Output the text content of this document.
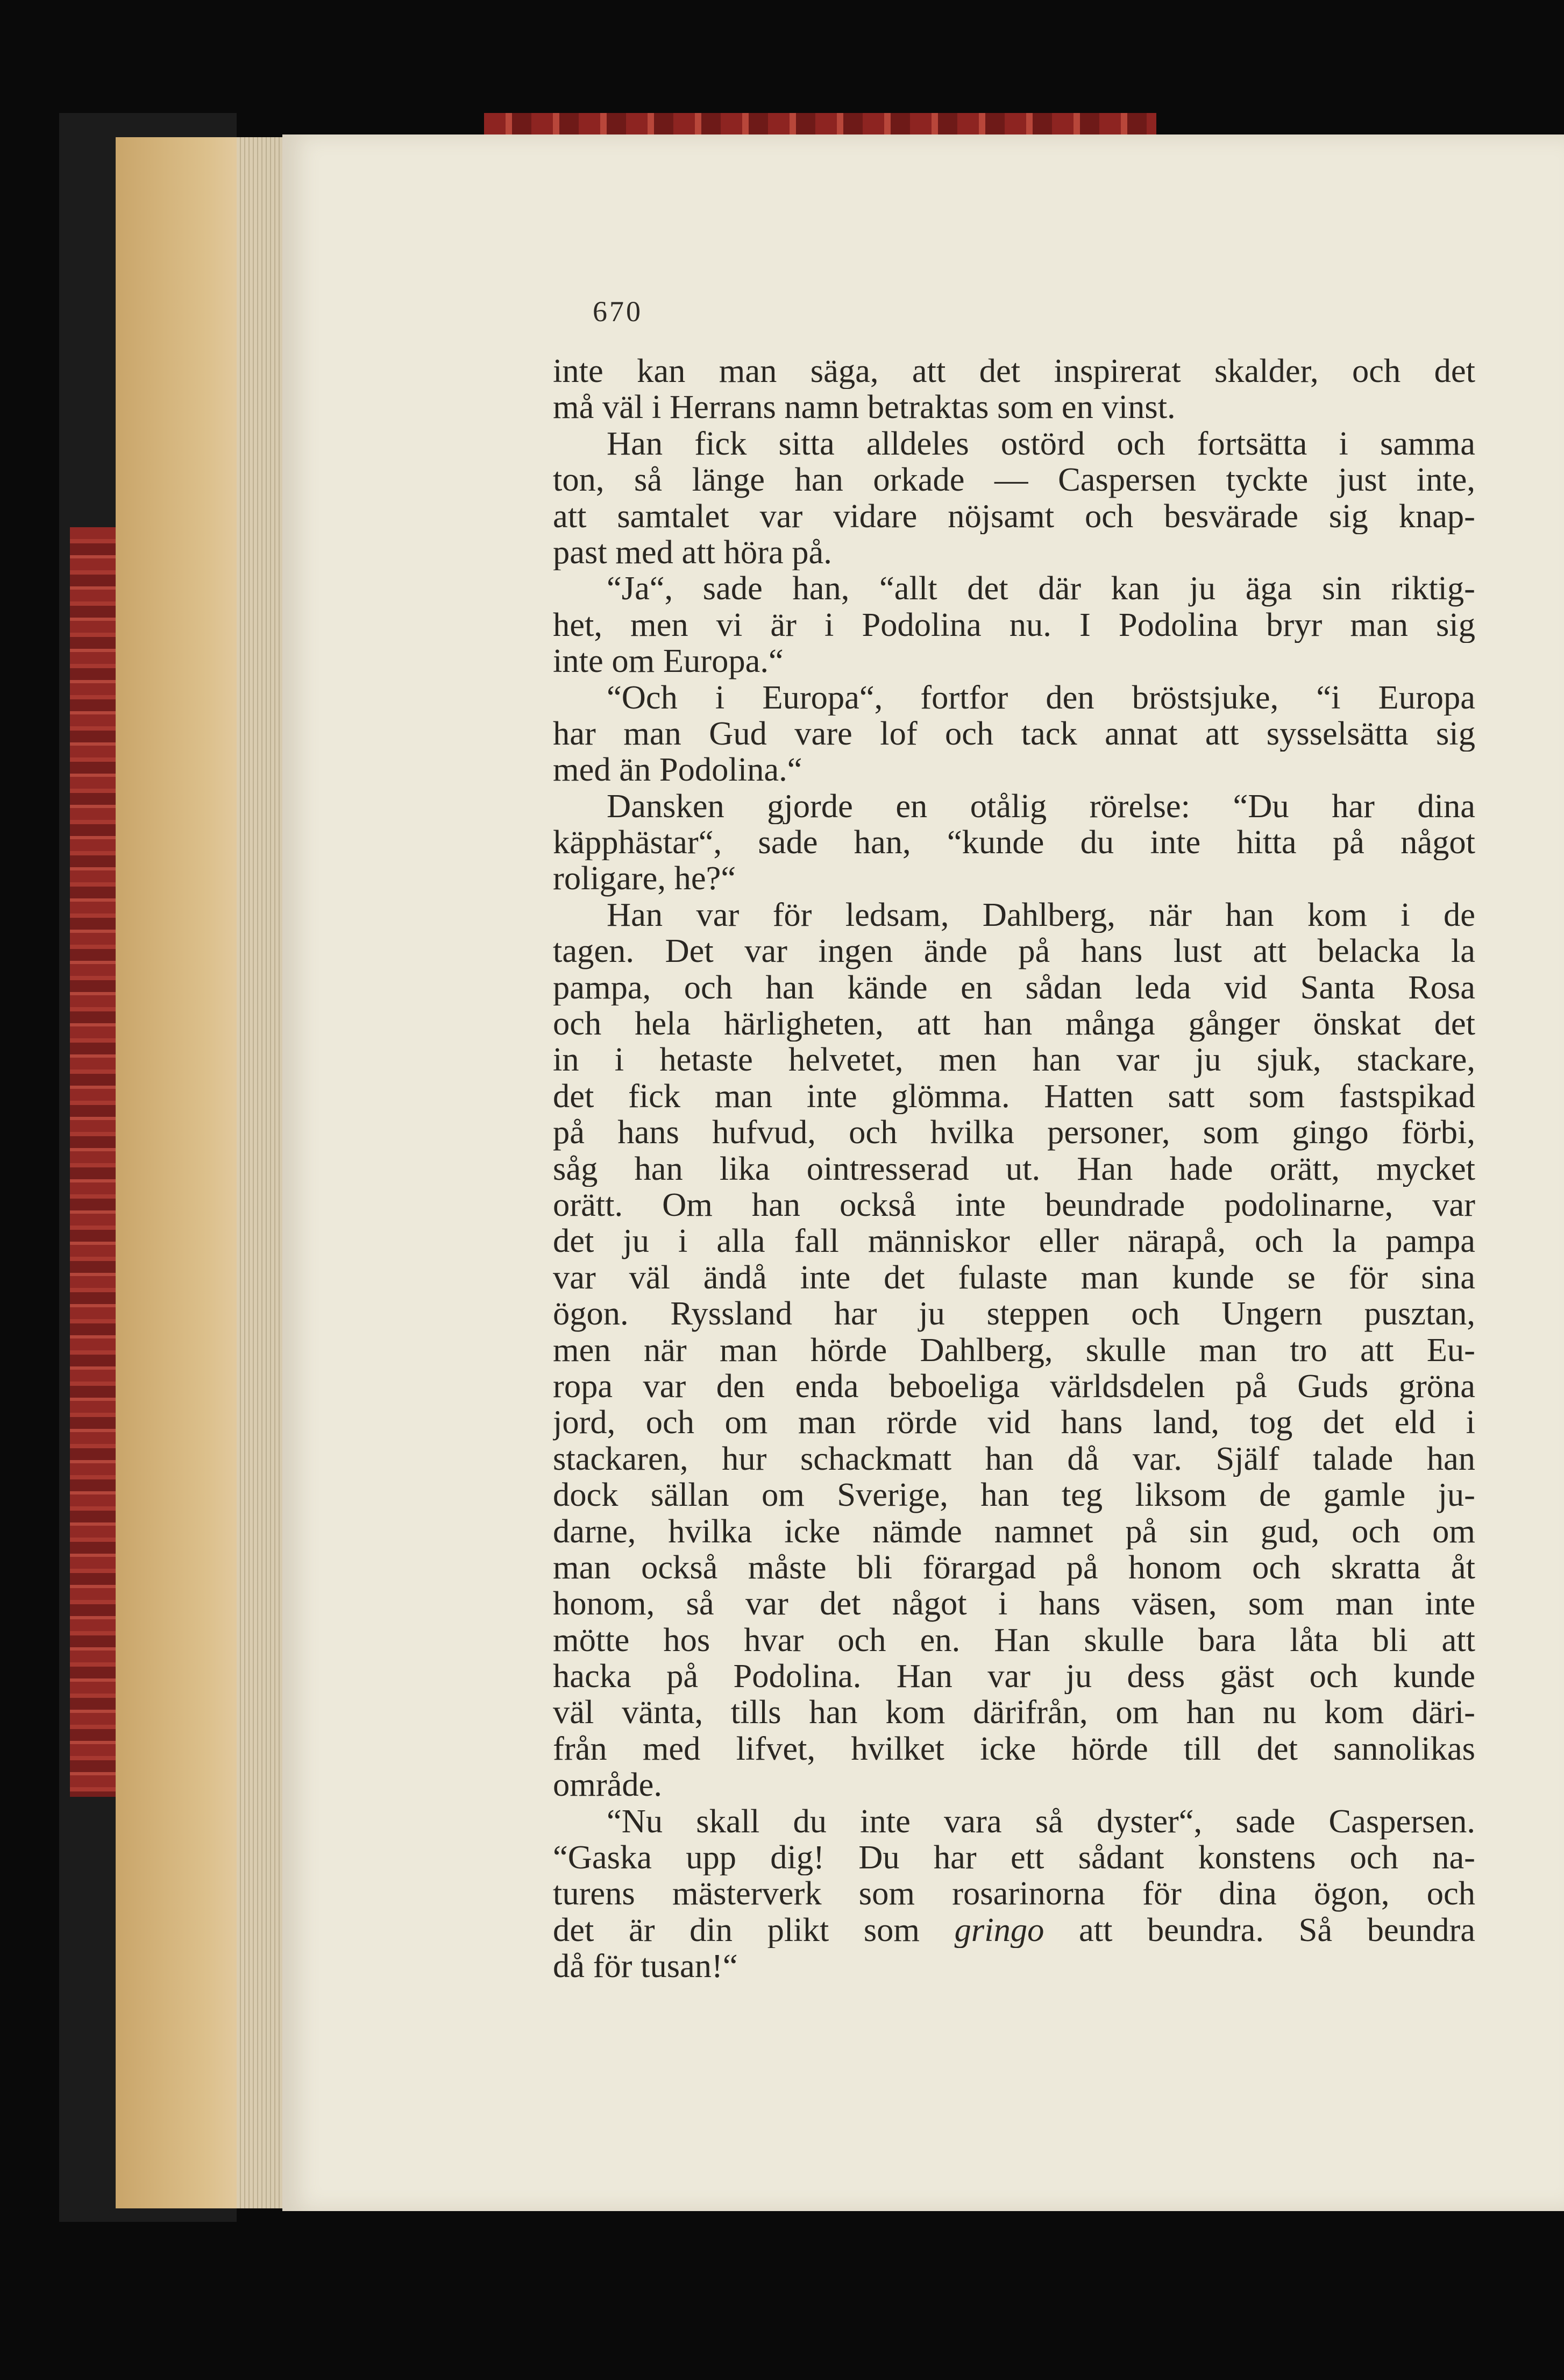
670
inte kan man säga, att det inspirerat skalder, och det
må väl i Herrans namn betraktas som en vinst.
Han fick sitta alldeles ostörd och fortsätta i samma
ton, så länge han orkade — Caspersen tyckte just inte,
att samtalet var vidare nöjsamt och besvärade sig knap-
past med att höra på.
“Ja“, sade han, “allt det där kan ju äga sin riktig-
het, men vi är i Podolina nu. I Podolina bryr man sig
inte om Europa.“
“Och i Europa“, fortfor den bröstsjuke, “i Europa
har man Gud vare lof och tack annat att sysselsätta sig
med än Podolina.“
Dansken gjorde en otålig rörelse: “Du har dina
käpphästar“, sade han, “kunde du inte hitta på något
roligare, he?“
Han var för ledsam, Dahlberg, när han kom i de
tagen. Det var ingen ände på hans lust att belacka la
pampa, och han kände en sådan leda vid Santa Rosa
och hela härligheten, att han många gånger önskat det
in i hetaste helvetet, men han var ju sjuk, stackare,
det fick man inte glömma. Hatten satt som fastspikad
på hans hufvud, och hvilka personer, som gingo förbi,
såg han lika ointresserad ut. Han hade orätt, mycket
orätt. Om han också inte beundrade podolinarne, var
det ju i alla fall människor eller närapå, och la pampa
var väl ändå inte det fulaste man kunde se för sina
ögon. Ryssland har ju steppen och Ungern pusztan,
men när man hörde Dahlberg, skulle man tro att Eu-
ropa var den enda beboeliga världsdelen på Guds gröna
jord, och om man rörde vid hans land, tog det eld i
stackaren, hur schackmatt han då var. Själf talade han
dock sällan om Sverige, han teg liksom de gamle ju-
darne, hvilka icke nämde namnet på sin gud, och om
man också måste bli förargad på honom och skratta åt
honom, så var det något i hans väsen, som man inte
mötte hos hvar och en. Han skulle bara låta bli att
hacka på Podolina. Han var ju dess gäst och kunde
väl vänta, tills han kom därifrån, om han nu kom däri-
från med lifvet, hvilket icke hörde till det sannolikas
område.
“Nu skall du inte vara så dyster“, sade Caspersen.
“Gaska upp dig! Du har ett sådant konstens och na-
turens mästerverk som rosarinorna för dina ögon, och
det är din plikt som gringo att beundra. Så beundra
då för tusan!“
